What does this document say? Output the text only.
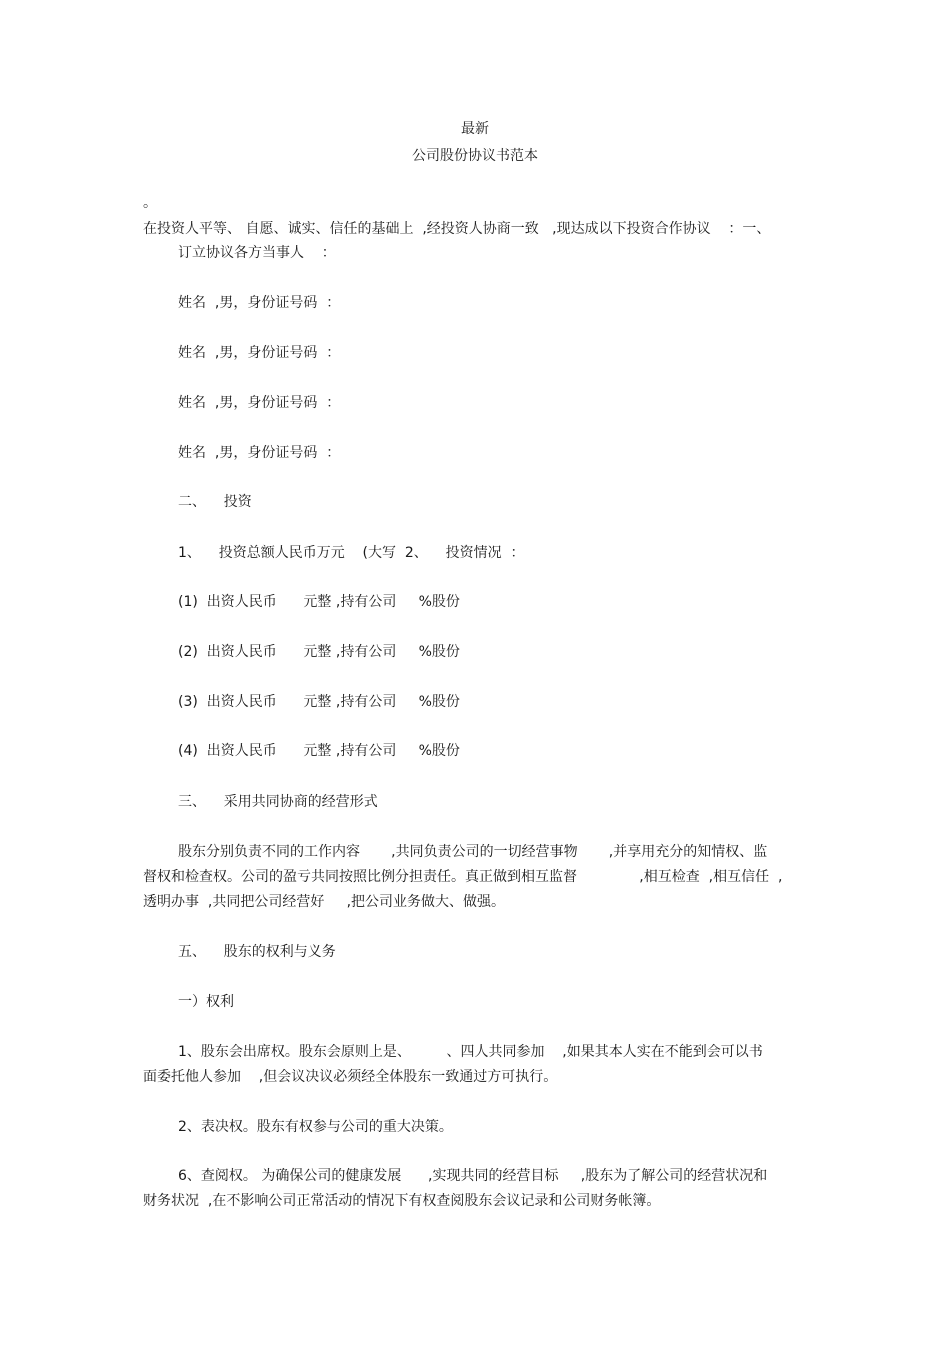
最新
公司股份协议书范本
。
在投资人平等、 自愿、诚实、信任的基础上  ,经投资人协商一致   ,现达成以下投资合作协议    ：一、
订立协议各方当事人    ：
姓名  ,男，身份证号码  ：
姓名  ,男，身份证号码  ：
姓名  ,男，身份证号码  ：
姓名  ,男，身份证号码  ：
二、    投资
1、    投资总额人民币万元    (大写  2、    投资情况  ：
(1)  出资人民币      元整 ,持有公司     %股份
(2)  出资人民币      元整 ,持有公司     %股份
(3)  出资人民币      元整 ,持有公司     %股份
(4)  出资人民币      元整 ,持有公司     %股份
三、    采用共同协商的经营形式
股东分别负责不同的工作内容       ,共同负责公司的一切经营事物       ,并享用充分的知情权、监
督权和检查权。公司的盈亏共同按照比例分担责任。真正做到相互监督              ,相互检查  ,相互信任  ,
透明办事  ,共同把公司经营好     ,把公司业务做大、做强。
五、    股东的权利与义务
一）权利
1、股东会出席权。股东会原则上是、        、四人共同参加    ,如果其本人实在不能到会可以书
面委托他人参加    ,但会议决议必须经全体股东一致通过方可执行。
2、表决权。股东有权参与公司的重大决策。
6、查阅权。 为确保公司的健康发展      ,实现共同的经营目标     ,股东为了解公司的经营状况和
财务状况  ,在不影响公司正常活动的情况下有权查阅股东会议记录和公司财务帐簿。
